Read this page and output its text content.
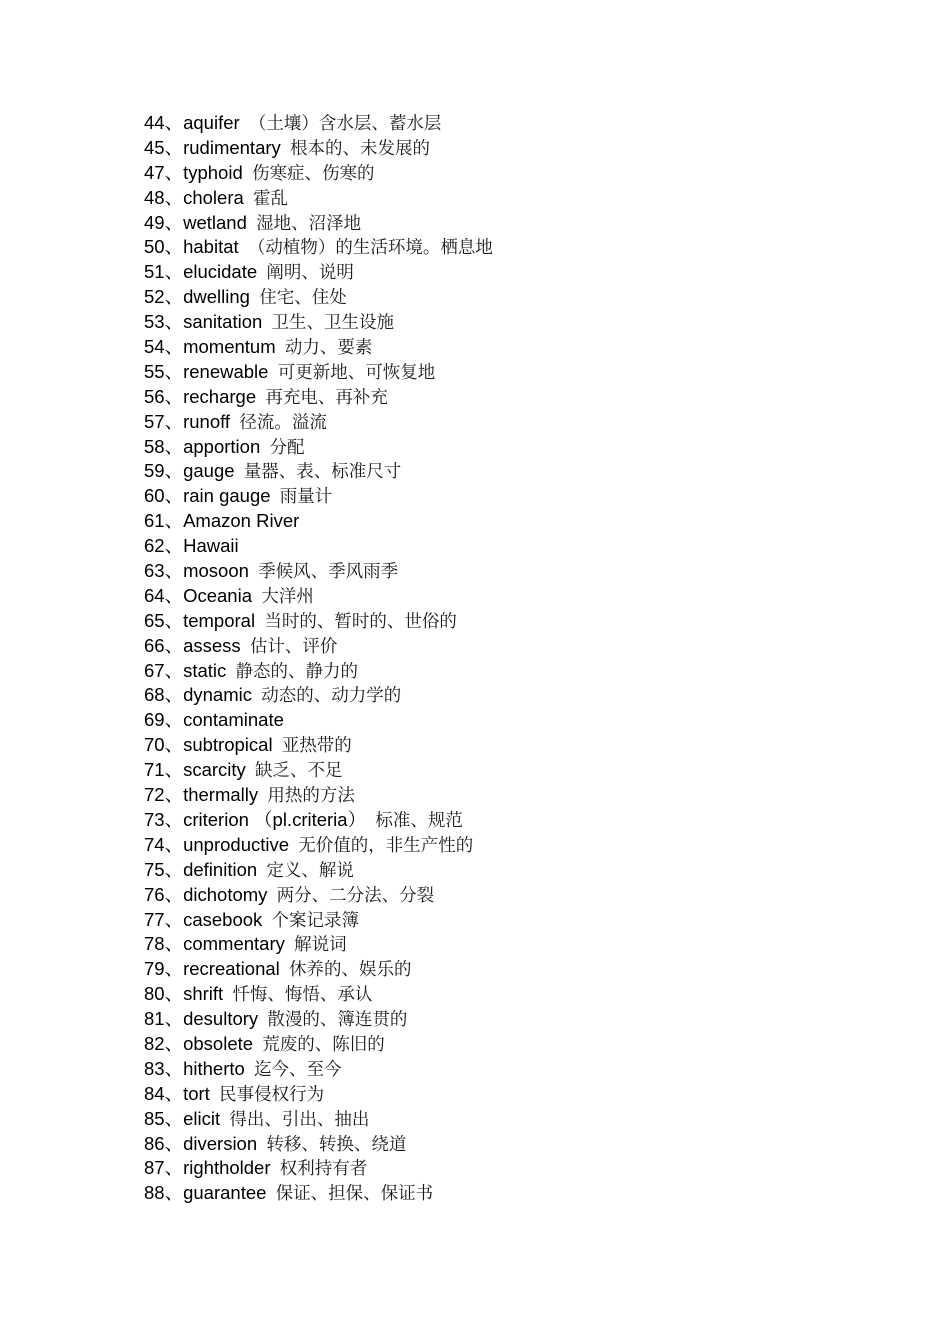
44、aquifer （土壤）含水层、蓄水层
45、rudimentary 根本的、未发展的
47、typhoid 伤寒症、伤寒的
48、cholera 霍乱
49、wetland 湿地、沼泽地
50、habitat （动植物）的生活环境。栖息地
51、elucidate 阐明、说明
52、dwelling 住宅、住处
53、sanitation 卫生、卫生设施
54、momentum 动力、要素
55、renewable 可更新地、可恢复地
56、recharge 再充电、再补充
57、runoff 径流。溢流
58、apportion 分配
59、gauge 量器、表、标准尺寸
60、rain gauge 雨量计
61、Amazon River
62、Hawaii
63、mosoon 季候风、季风雨季
64、Oceania 大洋州
65、temporal 当时的、暂时的、世俗的
66、assess 估计、评价
67、static 静态的、静力的
68、dynamic 动态的、动力学的
69、contaminate
70、subtropical 亚热带的
71、scarcity 缺乏、不足
72、thermally 用热的方法
73、criterion （pl.criteria） 标准、规范
74、unproductive 无价值的，非生产性的
75、definition 定义、解说
76、dichotomy 两分、二分法、分裂
77、casebook 个案记录簿
78、commentary 解说词
79、recreational 休养的、娱乐的
80、shrift 忏悔、悔悟、承认
81、desultory 散漫的、簿连贯的
82、obsolete 荒废的、陈旧的
83、hitherto 迄今、至今
84、tort 民事侵权行为
85、elicit 得出、引出、抽出
86、diversion 转移、转换、绕道
87、rightholder 权利持有者
88、guarantee 保证、担保、保证书
